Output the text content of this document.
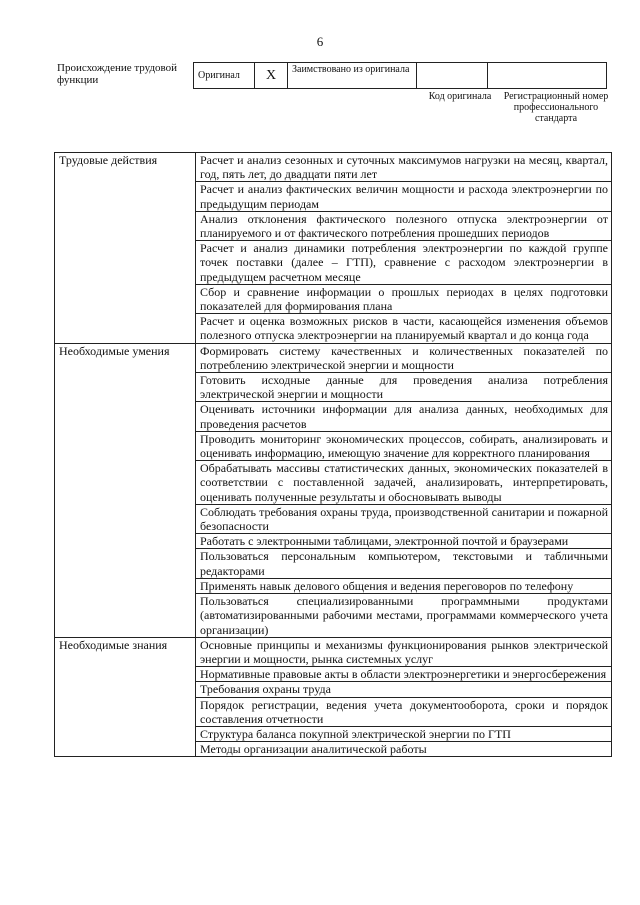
6
Происхождение трудовой функции	Оригинал	X	Заимствовано из оригинала		
Код оригинала	Регистрационный номер профессионального стандарта
Трудовые действия	Расчет и анализ сезонных и суточных максимумов нагрузки на месяц, квартал, год, пять лет, до двадцати пяти лет
	Расчет и анализ фактических величин мощности и расхода электроэнергии по предыдущим периодам
	Анализ отклонения фактического полезного отпуска электроэнергии от планируемого и от фактического потребления прошедших периодов
	Расчет и анализ динамики потребления электроэнергии по каждой группе точек поставки (далее – ГТП), сравнение с расходом электроэнергии в предыдущем расчетном месяце
	Сбор и сравнение информации о прошлых периодах в целях подготовки показателей для формирования плана
	Расчет и оценка возможных рисков в части, касающейся изменения объемов полезного отпуска электроэнергии на планируемый квартал и до конца года
Необходимые умения	Формировать систему качественных и количественных показателей по потреблению электрической энергии и мощности
	Готовить исходные данные для проведения анализа потребления электрической энергии и мощности
	Оценивать источники информации для анализа данных, необходимых для проведения расчетов
	Проводить мониторинг экономических процессов, собирать, анализировать и оценивать информацию, имеющую значение для корректного планирования
	Обрабатывать массивы статистических данных, экономических показателей в соответствии с поставленной задачей, анализировать, интерпретировать, оценивать полученные результаты и обосновывать выводы
	Соблюдать требования охраны труда, производственной санитарии и пожарной безопасности
	Работать с электронными таблицами, электронной почтой и браузерами
	Пользоваться персональным компьютером, текстовыми и табличными редакторами
	Применять навык делового общения и ведения переговоров по телефону
	Пользоваться специализированными программными продуктами (автоматизированными рабочими местами, программами коммерческого учета организации)
Необходимые знания	Основные принципы и механизмы функционирования рынков электрической энергии и мощности, рынка системных услуг
	Нормативные правовые акты в области электроэнергетики и энергосбережения
	Требования охраны труда
	Порядок регистрации, ведения учета документооборота, сроки и порядок составления отчетности
	Структура баланса покупной электрической энергии по ГТП
	Методы организации аналитической работы
